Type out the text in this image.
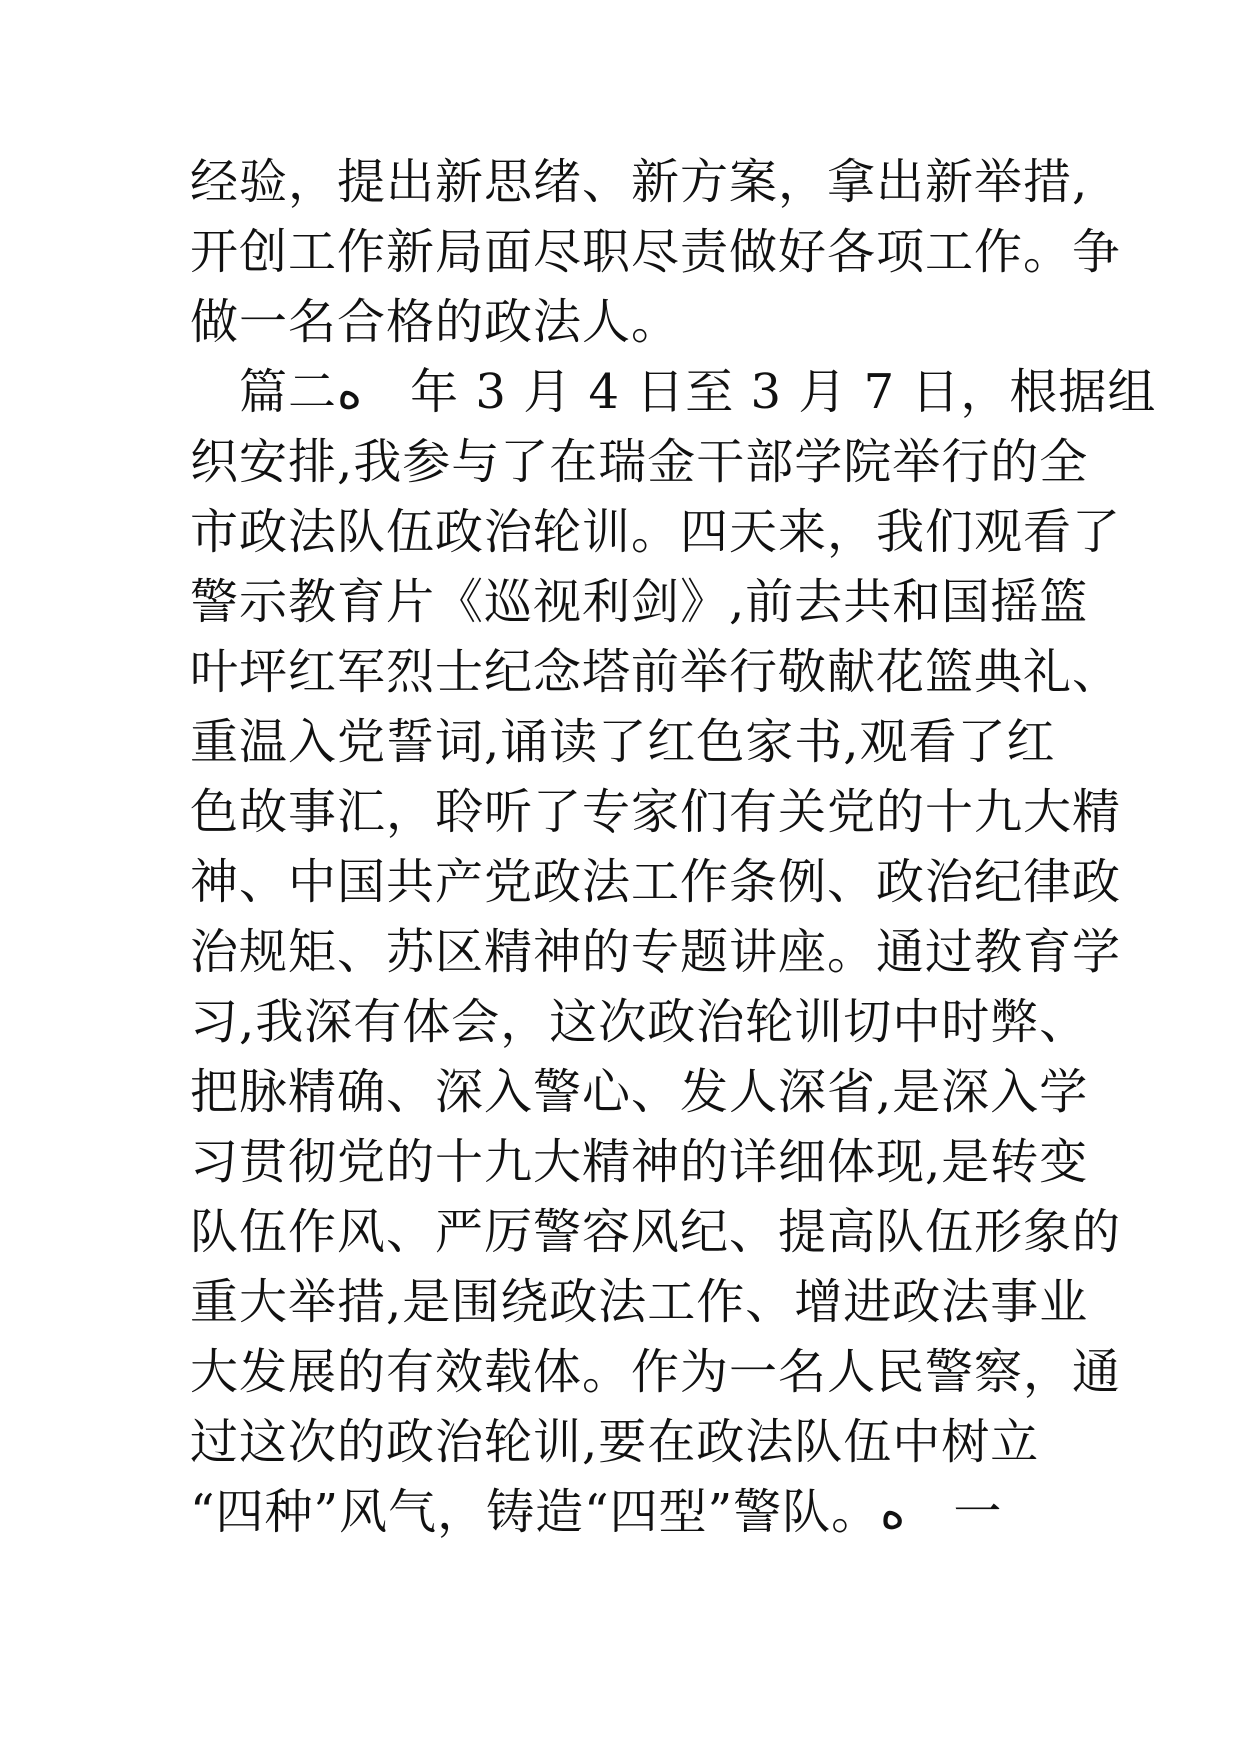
经验，提出新思绪、新方案，拿出新举措,
开创工作新局面尽职尽责做好各项工作。争
做一名合格的政法人。
　篇二ﻩ　年 3 月 4 日至 3 月 7 日，根据组
织安排,我参与了在瑞金干部学院举行的全
市政法队伍政治轮训。四天来，我们观看了
警示教育片《巡视利剑》,前去共和国摇篮
叶坪红军烈士纪念塔前举行敬献花篮典礼、
重温入党誓词,诵读了红色家书,观看了红
色故事汇，聆听了专家们有关党的十九大精
神、中国共产党政法工作条例、政治纪律政
治规矩、苏区精神的专题讲座。通过教育学
习,我深有体会，这次政治轮训切中时弊、
把脉精确、深入警心、发人深省,是深入学
习贯彻党的十九大精神的详细体现,是转变
队伍作风、严厉警容风纪、提高队伍形象的
重大举措,是围绕政法工作、增进政法事业
大发展的有效载体。作为一名人民警察，通
过这次的政治轮训,要在政法队伍中树立
“四种”风气，铸造“四型”警队。ﻩ　一
